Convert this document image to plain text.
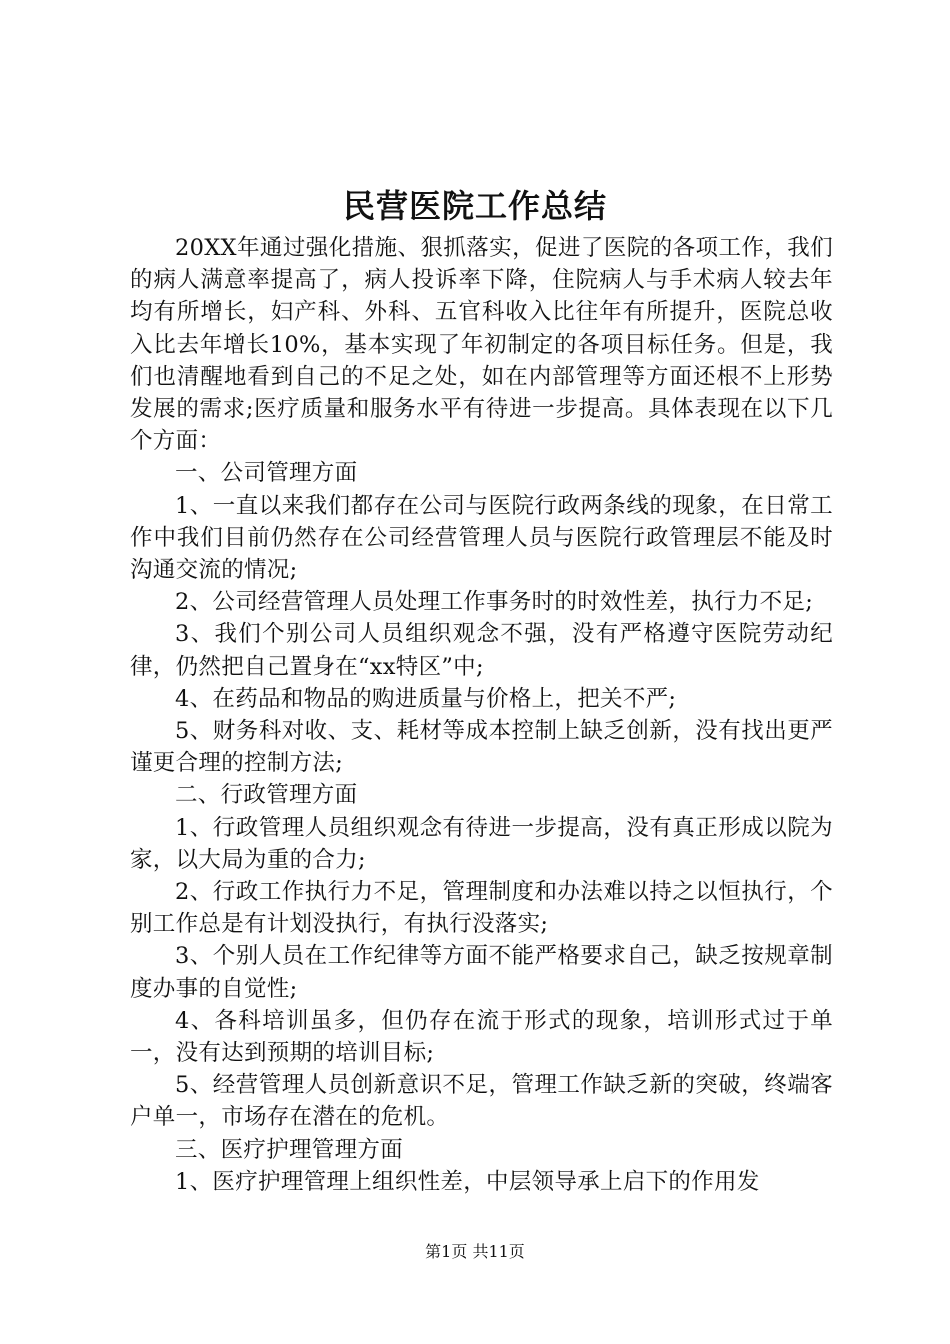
民营医院工作总结

20XX年通过强化措施、狠抓落实，促进了医院的各项工作，我们的病人满意率提高了，病人投诉率下降，住院病人与手术病人较去年均有所增长，妇产科、外科、五官科收入比往年有所提升，医院总收入比去年增长10%，基本实现了年初制定的各项目标任务。但是，我们也清醒地看到自己的不足之处，如在内部管理等方面还根不上形势发展的需求;医疗质量和服务水平有待进一步提高。具体表现在以下几个方面：

一、公司管理方面

1、一直以来我们都存在公司与医院行政两条线的现象，在日常工作中我们目前仍然存在公司经营管理人员与医院行政管理层不能及时沟通交流的情况;

2、公司经营管理人员处理工作事务时的时效性差，执行力不足;

3、我们个别公司人员组织观念不强，没有严格遵守医院劳动纪律，仍然把自己置身在“xx特区”中;

4、在药品和物品的购进质量与价格上，把关不严;

5、财务科对收、支、耗材等成本控制上缺乏创新，没有找出更严谨更合理的控制方法;

二、行政管理方面

1、行政管理人员组织观念有待进一步提高，没有真正形成以院为家，以大局为重的合力;

2、行政工作执行力不足，管理制度和办法难以持之以恒执行，个别工作总是有计划没执行，有执行没落实;

3、个别人员在工作纪律等方面不能严格要求自己，缺乏按规章制度办事的自觉性;

4、各科培训虽多，但仍存在流于形式的现象，培训形式过于单一，没有达到预期的培训目标;

5、经营管理人员创新意识不足，管理工作缺乏新的突破，终端客户单一，市场存在潜在的危机。

三、医疗护理管理方面

1、医疗护理管理上组织性差，中层领导承上启下的作用发

第1页 共11页
